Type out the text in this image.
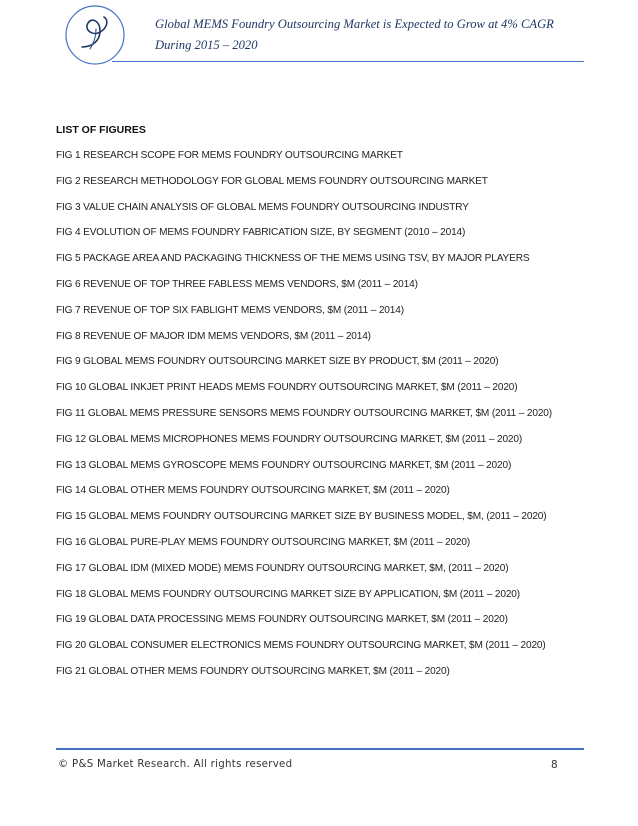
Global MEMS Foundry Outsourcing Market is Expected to Grow at 4% CAGR
During 2015 – 2020
LIST OF FIGURES
FIG 1 RESEARCH SCOPE FOR MEMS FOUNDRY OUTSOURCING MARKET
FIG 2 RESEARCH METHODOLOGY FOR GLOBAL MEMS FOUNDRY OUTSOURCING MARKET
FIG 3 VALUE CHAIN ANALYSIS OF GLOBAL MEMS FOUNDRY OUTSOURCING INDUSTRY
FIG 4 EVOLUTION OF MEMS FOUNDRY FABRICATION SIZE, BY SEGMENT (2010 – 2014)
FIG 5 PACKAGE AREA AND PACKAGING THICKNESS OF THE MEMS USING TSV, BY MAJOR PLAYERS
FIG 6 REVENUE OF TOP THREE FABLESS MEMS VENDORS, $M (2011 – 2014)
FIG 7 REVENUE OF TOP SIX FABLIGHT MEMS VENDORS, $M (2011 – 2014)
FIG 8 REVENUE OF MAJOR IDM MEMS VENDORS, $M (2011 – 2014)
FIG 9 GLOBAL MEMS FOUNDRY OUTSOURCING MARKET SIZE BY PRODUCT, $M (2011 – 2020)
FIG 10 GLOBAL INKJET PRINT HEADS MEMS FOUNDRY OUTSOURCING MARKET, $M (2011 – 2020)
FIG 11 GLOBAL MEMS PRESSURE SENSORS MEMS FOUNDRY OUTSOURCING MARKET, $M (2011 – 2020)
FIG 12 GLOBAL MEMS MICROPHONES MEMS FOUNDRY OUTSOURCING MARKET, $M (2011 – 2020)
FIG 13 GLOBAL MEMS GYROSCOPE MEMS FOUNDRY OUTSOURCING MARKET, $M (2011 – 2020)
FIG 14 GLOBAL OTHER MEMS FOUNDRY OUTSOURCING MARKET, $M (2011 – 2020)
FIG 15 GLOBAL MEMS FOUNDRY OUTSOURCING MARKET SIZE BY BUSINESS MODEL, $M, (2011 – 2020)
FIG 16 GLOBAL PURE-PLAY MEMS FOUNDRY OUTSOURCING MARKET, $M (2011 – 2020)
FIG 17 GLOBAL IDM (MIXED MODE) MEMS FOUNDRY OUTSOURCING MARKET, $M, (2011 – 2020)
FIG 18 GLOBAL MEMS FOUNDRY OUTSOURCING MARKET SIZE BY APPLICATION, $M (2011 – 2020)
FIG 19 GLOBAL DATA PROCESSING MEMS FOUNDRY OUTSOURCING MARKET, $M (2011 – 2020)
FIG 20 GLOBAL CONSUMER ELECTRONICS MEMS FOUNDRY OUTSOURCING MARKET, $M (2011 – 2020)
FIG 21 GLOBAL OTHER MEMS FOUNDRY OUTSOURCING MARKET, $M (2011 – 2020)
© P&S Market Research. All rights reserved	8
